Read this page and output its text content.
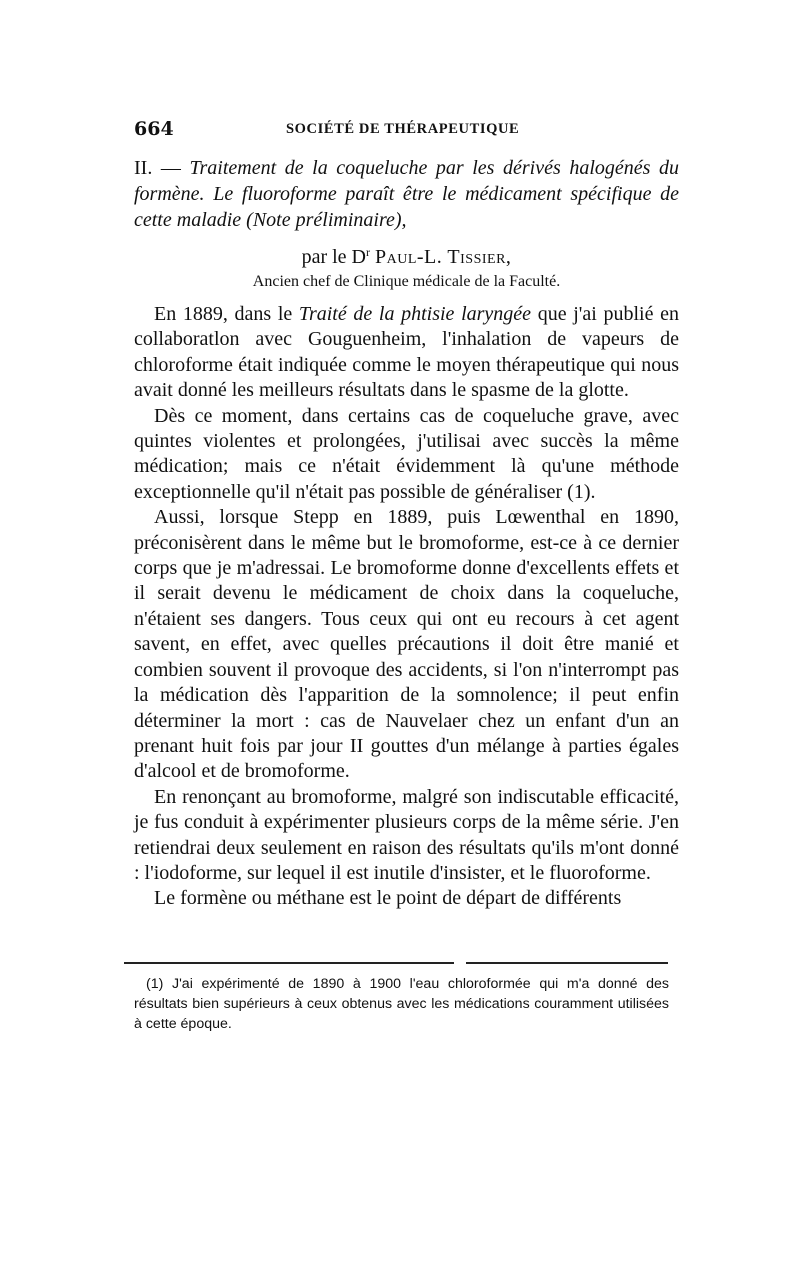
664	SOCIÉTÉ DE THÉRAPEUTIQUE

II. — Traitement de la coqueluche par les dérivés halogénés du formène. Le fluoroforme paraît être le médicament spécifique de cette maladie (Note préliminaire),

par le $D^r$ Paul-L. Tissier,

Ancien chef de Clinique médicale de la Faculté.

En 1889, dans le Traité de la phtisie laryngée que j'ai publié en collaboratlon avec Gouguenheim, l'inhalation de vapeurs de chloroforme était indiquée comme le moyen thérapeutique qui nous avait donné les meilleurs résultats dans le spasme de la glotte.

Dès ce moment, dans certains cas de coqueluche grave, avec quintes violentes et prolongées, j'utilisai avec succès la même médication; mais ce n'était évidemment là qu'une méthode exceptionnelle qu'il n'était pas possible de généraliser (1).

Aussi, lorsque Stepp en 1889, puis Lœwenthal en 1890, préconisèrent dans le même but le bromoforme, est-ce à ce dernier corps que je m'adressai. Le bromoforme donne d'excellents effets et il serait devenu le médicament de choix dans la coqueluche, n'étaient ses dangers. Tous ceux qui ont eu recours à cet agent savent, en effet, avec quelles précautions il doit être manié et combien souvent il provoque des accidents, si l'on n'interrompt pas la médication dès l'apparition de la somnolence; il peut enfin déterminer la mort : cas de Nauvelaer chez un enfant d'un an prenant huit fois par jour II gouttes d'un mélange à parties égales d'alcool et de bromoforme.

En renonçant au bromoforme, malgré son indiscutable efficacité, je fus conduit à expérimenter plusieurs corps de la même série. J'en retiendrai deux seulement en raison des résultats qu'ils m'ont donné : l'iodoforme, sur lequel il est inutile d'insister, et le fluoroforme.

Le formène ou méthane est le point de départ de différents

(1) J'ai expérimenté de 1890 à 1900 l'eau chloroformée qui m'a donné des résultats bien supérieurs à ceux obtenus avec les médications couramment utilisées à cette époque.
